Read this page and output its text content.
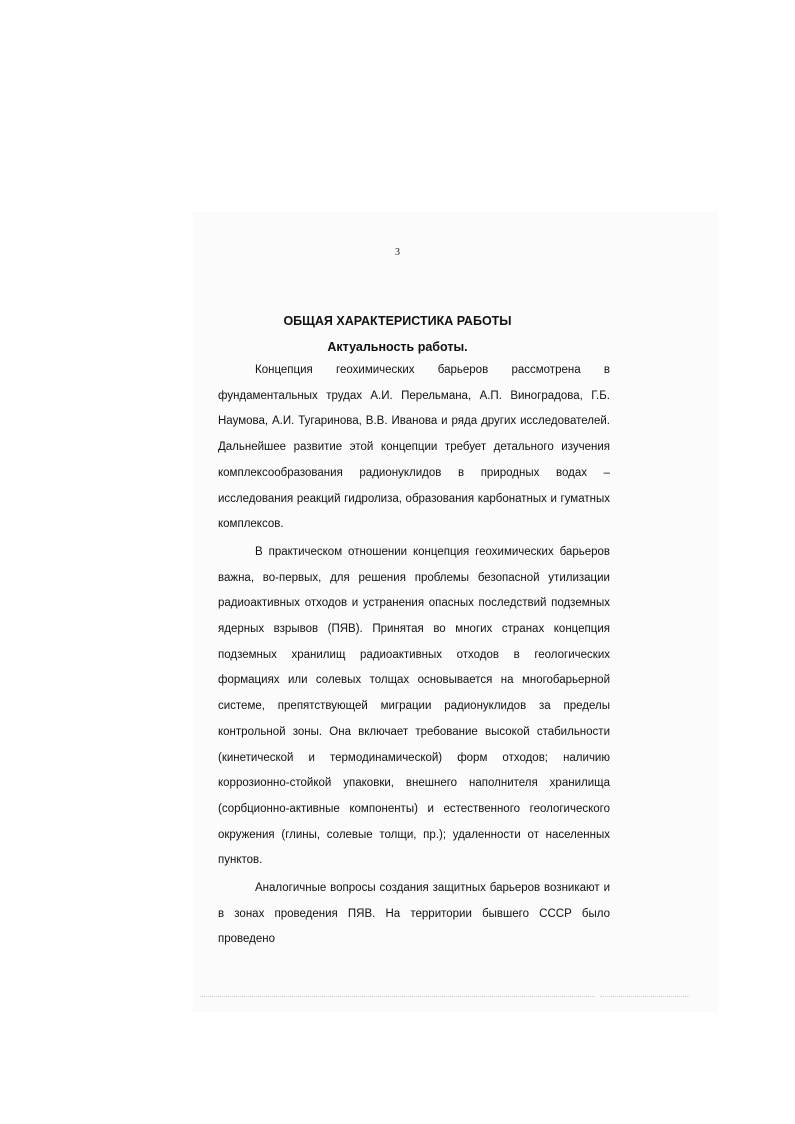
3
ОБЩАЯ ХАРАКТЕРИСТИКА РАБОТЫ
Актуальность работы.

Концепция геохимических барьеров рассмотрена в фундаментальных трудах А.И. Перельмана, А.П. Виноградова, Г.Б. Наумова, А.И. Тугаринова, В.В. Иванова и ряда других исследователей. Дальнейшее развитие этой концепции требует детального изучения комплексообразования радионуклидов в природных водах – исследования реакций гидролиза, образования карбонатных и гуматных комплексов.

В практическом отношении концепция геохимических барьеров важна, во-первых, для решения проблемы безопасной утилизации радиоактивных отходов и устранения опасных последствий подземных ядерных взрывов (ПЯВ). Принятая во многих странах концепция подземных хранилищ радиоактивных отходов в геологических формациях или солевых толщах основывается на многобарьерной системе, препятствующей миграции радионуклидов за пределы контрольной зоны. Она включает требование высокой стабильности (кинетической и термодинамической) форм отходов; наличию коррозионно-стойкой упаковки, внешнего наполнителя хранилища (сорбционно-активные компоненты) и естественного геологического окружения (глины, солевые толщи, пр.); удаленности от населенных пунктов.

Аналогичные вопросы создания защитных барьеров возникают и в зонах проведения ПЯВ. На территории бывшего СССР было проведено
